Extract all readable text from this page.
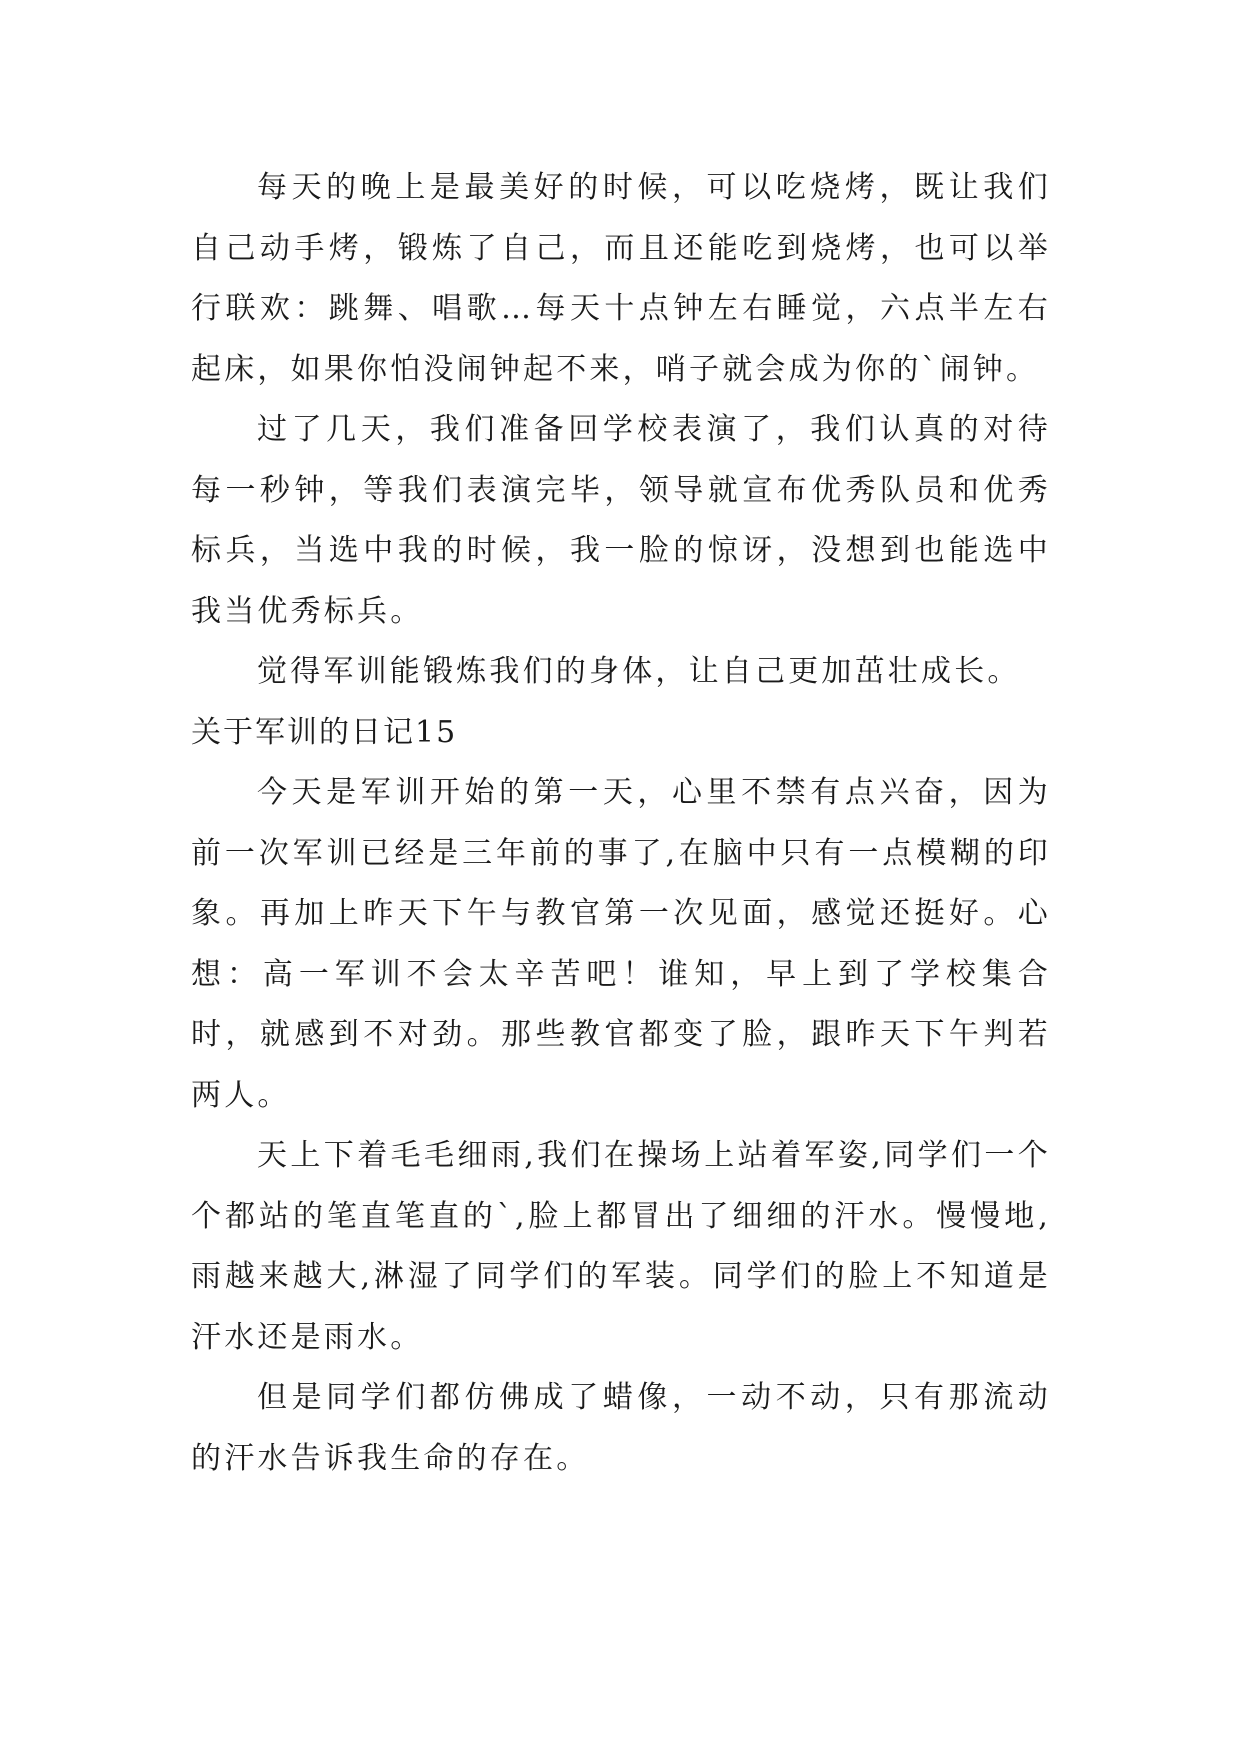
每天的晚上是最美好的时候，可以吃烧烤，既让我们自己动手烤，锻炼了自己，而且还能吃到烧烤，也可以举行联欢：跳舞、唱歌…每天十点钟左右睡觉，六点半左右起床，如果你怕没闹钟起不来，哨子就会成为你的`闹钟。

过了几天，我们准备回学校表演了，我们认真的对待每一秒钟，等我们表演完毕，领导就宣布优秀队员和优秀标兵，当选中我的时候，我一脸的惊讶，没想到也能选中我当优秀标兵。

觉得军训能锻炼我们的身体，让自己更加茁壮成长。

关于军训的日记15

今天是军训开始的第一天，心里不禁有点兴奋，因为前一次军训已经是三年前的事了,在脑中只有一点模糊的印象。再加上昨天下午与教官第一次见面，感觉还挺好。心想：高一军训不会太辛苦吧！谁知，早上到了学校集合时，就感到不对劲。那些教官都变了脸，跟昨天下午判若两人。

天上下着毛毛细雨,我们在操场上站着军姿,同学们一个个都站的笔直笔直的`,脸上都冒出了细细的汗水。慢慢地,雨越来越大,淋湿了同学们的军装。同学们的脸上不知道是汗水还是雨水。

但是同学们都仿佛成了蜡像，一动不动，只有那流动的汗水告诉我生命的存在。
